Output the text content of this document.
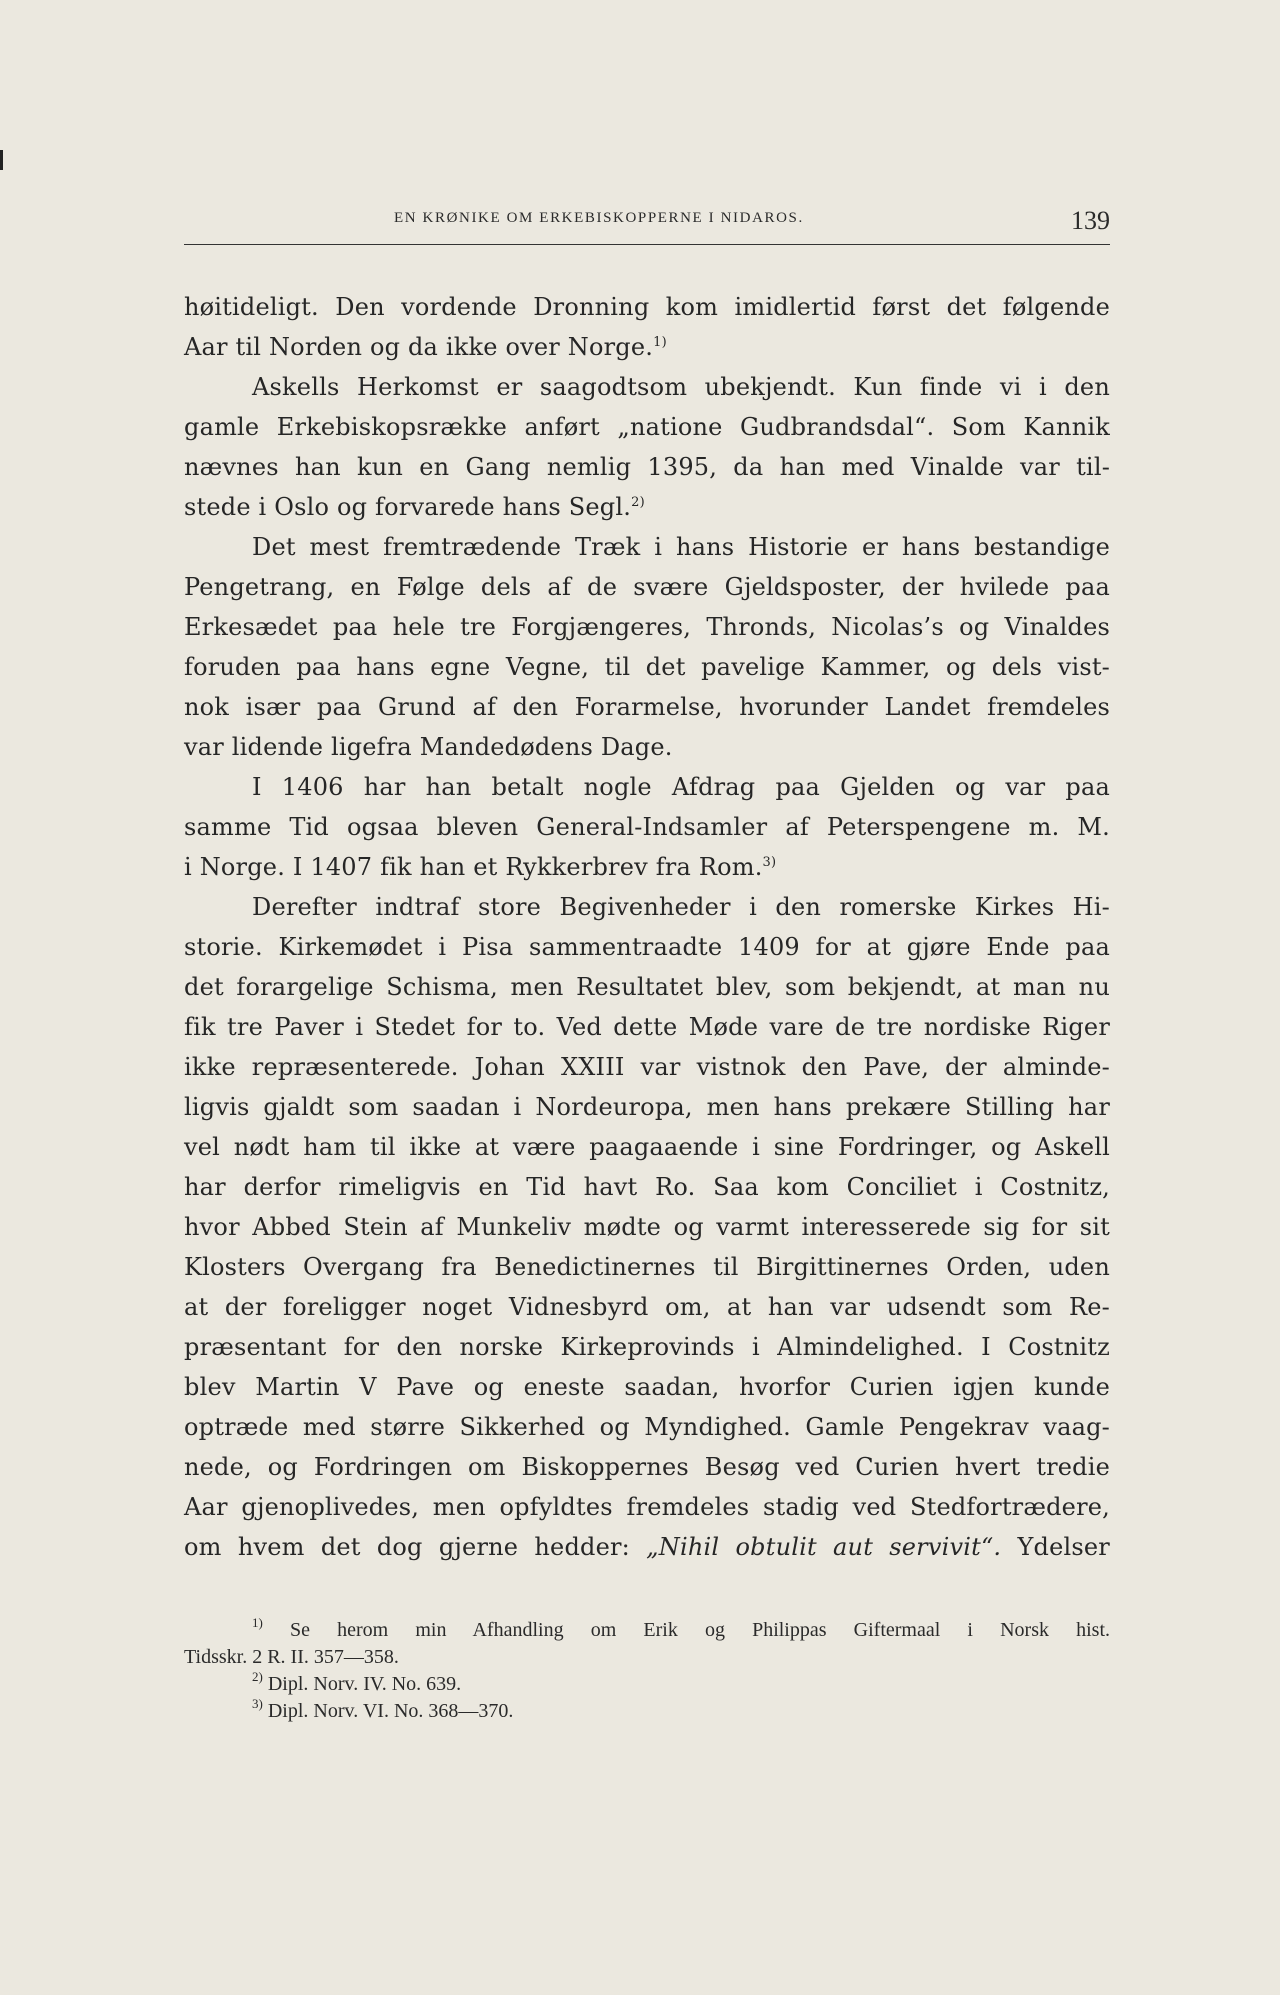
EN KRØNIKE OM ERKEBISKOPPERNE I NIDAROS.	139
høitideligt. Den vordende Dronning kom imidlertid først det følgende
Aar til Norden og da ikke over Norge.$^{1)}$
Askells Herkomst er saagodtsom ubekjendt. Kun finde vi i den
gamle Erkebiskopsrække anført „natione Gudbrandsdal“. Som Kannik
nævnes han kun en Gang nemlig 1395, da han med Vinalde var til-
stede i Oslo og forvarede hans Segl.$^{2)}$
Det mest fremtrædende Træk i hans Historie er hans bestandige
Pengetrang, en Følge dels af de svære Gjeldsposter, der hvilede paa
Erkesædet paa hele tre Forgjængeres, Thronds, Nicolas’s og Vinaldes
foruden paa hans egne Vegne, til det pavelige Kammer, og dels vist-
nok især paa Grund af den Forarmelse, hvorunder Landet fremdeles
var lidende ligefra Mandedødens Dage.
I 1406 har han betalt nogle Afdrag paa Gjelden og var paa
samme Tid ogsaa bleven General-Indsamler af Peterspengene m. M.
i Norge. I 1407 fik han et Rykkerbrev fra Rom.$^{3)}$
Derefter indtraf store Begivenheder i den romerske Kirkes Hi-
storie. Kirkemødet i Pisa sammentraadte 1409 for at gjøre Ende paa
det forargelige Schisma, men Resultatet blev, som bekjendt, at man nu
fik tre Paver i Stedet for to. Ved dette Møde vare de tre nordiske Riger
ikke repræsenterede. Johan XXIII var vistnok den Pave, der alminde-
ligvis gjaldt som saadan i Nordeuropa, men hans prekære Stilling har
vel nødt ham til ikke at være paagaaende i sine Fordringer, og Askell
har derfor rimeligvis en Tid havt Ro. Saa kom Conciliet i Costnitz,
hvor Abbed Stein af Munkeliv mødte og varmt interesserede sig for sit
Klosters Overgang fra Benedictinernes til Birgittinernes Orden, uden
at der foreligger noget Vidnesbyrd om, at han var udsendt som Re-
præsentant for den norske Kirkeprovinds i Almindelighed. I Costnitz
blev Martin V Pave og eneste saadan, hvorfor Curien igjen kunde
optræde med større Sikkerhed og Myndighed. Gamle Pengekrav vaag-
nede, og Fordringen om Biskoppernes Besøg ved Curien hvert tredie
Aar gjenoplivedes, men opfyldtes fremdeles stadig ved Stedfortrædere,
om hvem det dog gjerne hedder: „Nihil obtulit aut servivit“. Ydelser
$^{1)}$ Se herom min Afhandling om Erik og Philippas Giftermaal i Norsk hist.
Tidsskr. 2 R. II. 357—358.
$^{2)}$ Dipl. Norv. IV. No. 639.
$^{3)}$ Dipl. Norv. VI. No. 368—370.
